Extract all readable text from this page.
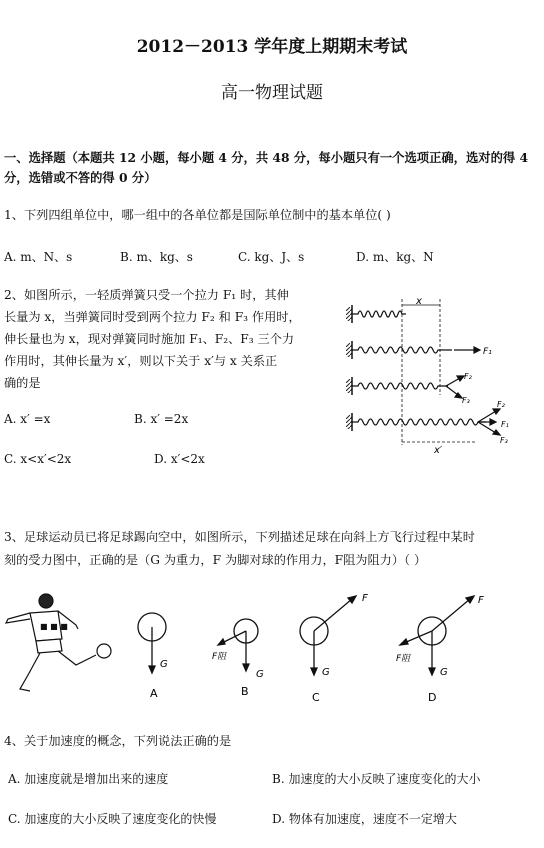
2012－2013 学年度上期期末考试
高一物理试题
一、选择题（本题共 12 小题，每小题 4 分，共 48 分，每小题只有一个选项正确，选对的得 4 分，选错或不答的得 0 分）
1、下列四组单位中，哪一组中的各单位都是国际单位制中的基本单位( )
A. m、N、s	B. m、kg、s	C. kg、J、s	D. m、kg、N
2、如图所示，一轻质弹簧只受一个拉力 F₁ 时，其伸
长量为 x，当弹簧同时受到两个拉力 F₂ 和 F₃ 作用时，
伸长量也为 x，现对弹簧同时施加 F₁、F₂、F₃ 三个力
作用时，其伸长量为 x′，则以下关于 x′与 x 关系正
确的是
A. x′ =x	B. x′ =2x
C. x<x′<2x	D. x′<2x
x
x′
F₁
F₂
F₃	F₂
F₁
F₃
3、足球运动员已将足球踢向空中，如图所示，下列描述足球在向斜上方飞行过程中某时
刻的受力图中，正确的是（G 为重力，F 为脚对球的作用力，F阻为阻力）（ ）
■ ■ ■
G
A
F阻
G
B
F
G
C
F
F阻
G
D
4、关于加速度的概念，下列说法正确的是
A. 加速度就是增加出来的速度	B. 加速度的大小反映了速度变化的大小
C. 加速度的大小反映了速度变化的快慢	D. 物体有加速度，速度不一定增大
